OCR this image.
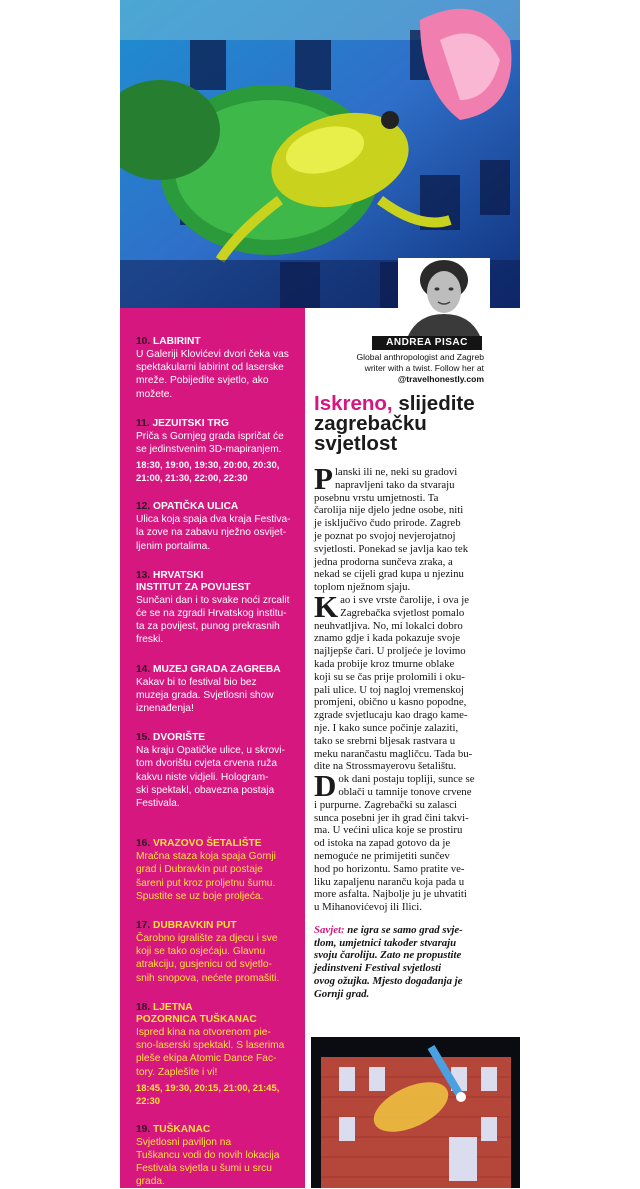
10. LABIRINT
U Galeriji Klovićevi dvori čeka vas
spektakularni labirint od laserske
mreže. Pobijedite svjetlo, ako
možete.
11. JEZUITSKI TRG
Priča s Gornjeg grada ispričat će
se jedinstvenim 3D-mapiranjem.
18:30, 19:00, 19:30, 20:00, 20:30,
21:00, 21:30, 22:00, 22:30
12. OPATIČKA ULICA
Ulica koja spaja dva kraja Festiva-
la zove na zabavu nježno osvijet-
ljenim portalima.
13. HRVATSKI
INSTITUT ZA POVIJEST
Sunčani dan i to svake noći zrcalit
će se na zgradi Hrvatskog institu-
ta za povijest, punog prekrasnih
freski.
14. MUZEJ GRADA ZAGREBA
Kakav bi to festival bio bez
muzeja grada. Svjetlosni show
iznenađenja!
15. DVORIŠTE
Na kraju Opatičke ulice, u skrovi-
tom dvorištu cvjeta crvena ruža
kakvu niste vidjeli. Hologram-
ski spektakl, obavezna postaja
Festivala.
16. VRAZOVO ŠETALIŠTE
Mračna staza koja spaja Gornji
grad i Dubravkin put postaje
šareni put kroz proljetnu šumu.
Spustite se uz boje proljeća.
17. DUBRAVKIN PUT
Čarobno igralište za djecu i sve
koji se tako osjećaju. Glavnu
atrakciju, gusjenicu od svjetlo-
snih snopova, nećete promašiti.
18. LJETNA
POZORNICA TUŠKANAC
Ispred kina na otvorenom pie-
sno-laserski spektakl. S laserima
pleše ekipa Atomic Dance Fac-
tory. Zaplešite i vi!
18:45, 19:30, 20:15, 21:00, 21:45, 22:30
19. TUŠKANAC
Svjetlosni paviljon na
Tuškancu vodi do novih lokacija
Festivala svjetla u šumi u srcu
grada.
ANDREA PISAC
Global anthropologist and Zagreb
writer with a twist. Follow her at
@travelhonestly.com
Iskreno, slijedite
zagrebačku
svjetlost

Planski ili ne, neki su gradovi
napravljeni tako da stvaraju
posebnu vrstu umjetnosti. Ta
čarolija nije djelo jedne osobe, niti
je isključivo čudo prirode. Zagreb
je poznat po svojoj nevjerojatnoj
svjetlosti. Ponekad se javlja kao tek
jedna prodorna sunčeva zraka, a
nekad se cijeli grad kupa u njezinu
toplom nježnom sjaju.

Kao i sve vrste čarolije, i ova je
Zagrebačka svjetlost pomalo
neuhvatljiva. No, mi lokalci dobro
znamo gdje i kada pokazuje svoje
najljepše čari. U proljeće je lovimo
kada probije kroz tmurne oblake
koji su se čas prije prolomili i oku-
pali ulice. U toj naglој vremenskoj
promjeni, obično u kasno popodne,
zgrade svjetlucaju kao drago kame-
nje. I kako sunce počinje zalaziti,
tako se srebrni bljesak rastvara u
meku narančastu magličcu. Tada bu-
dite na Strossmayerovu šetalištu.

Dok dani postaju topliji, sunce se
oblači u tamnije tonove crvene
i purpurne. Zagrebački su zalasci
sunca posebni jer ih grad čini takvi-
ma. U većini ulica koje se prostiru
od istoka na zapad gotovo da je
nemoguće ne primijetiti sunčev
hod po horizontu. Samo pratite ve-
liku zapaljenu naranču koja pada u
more asfalta. Najbolje ju je uhvatiti
u Mihanovićevoj ili Ilici.

Savjet: ne igra se samo grad svje-
tlom, umjetnici također stvaraju
svoju čaroliju. Zato ne propustite
jedinstveni Festival svjetlosti
ovog ožujka. Mjesto događanja je
Gornji grad.
